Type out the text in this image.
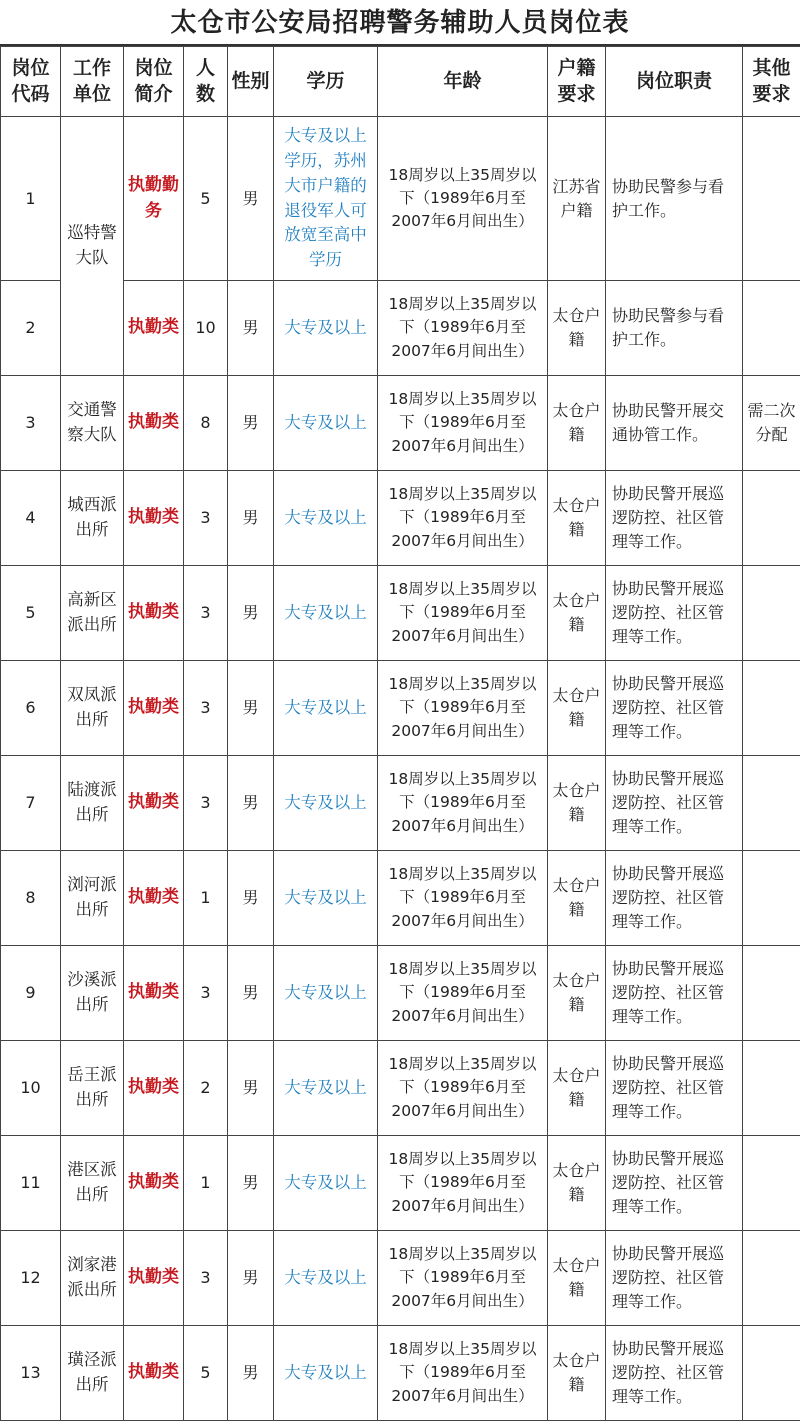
太仓市公安局招聘警务辅助人员岗位表
岗位代码	工作单位	岗位简介	人数	性别	学历	年龄	户籍要求	岗位职责	其他要求
1	巡特警大队	执勤勤务	5	男	大专及以上学历，苏州大市户籍的退役军人可放宽至高中学历	18周岁以上35周岁以下（1989年6月至2007年6月间出生）	江苏省户籍	协助民警参与看护工作。	
2		执勤类	10	男	大专及以上	18周岁以上35周岁以下（1989年6月至2007年6月间出生）	太仓户籍	协助民警参与看护工作。	
3	交通警察大队	执勤类	8	男	大专及以上	18周岁以上35周岁以下（1989年6月至2007年6月间出生）	太仓户籍	协助民警开展交通协管工作。	需二次分配
4	城西派出所	执勤类	3	男	大专及以上	18周岁以上35周岁以下（1989年6月至2007年6月间出生）	太仓户籍	协助民警开展巡逻防控、社区管理等工作。	
5	高新区派出所	执勤类	3	男	大专及以上	18周岁以上35周岁以下（1989年6月至2007年6月间出生）	太仓户籍	协助民警开展巡逻防控、社区管理等工作。	
6	双凤派出所	执勤类	3	男	大专及以上	18周岁以上35周岁以下（1989年6月至2007年6月间出生）	太仓户籍	协助民警开展巡逻防控、社区管理等工作。	
7	陆渡派出所	执勤类	3	男	大专及以上	18周岁以上35周岁以下（1989年6月至2007年6月间出生）	太仓户籍	协助民警开展巡逻防控、社区管理等工作。	
8	浏河派出所	执勤类	1	男	大专及以上	18周岁以上35周岁以下（1989年6月至2007年6月间出生）	太仓户籍	协助民警开展巡逻防控、社区管理等工作。	
9	沙溪派出所	执勤类	3	男	大专及以上	18周岁以上35周岁以下（1989年6月至2007年6月间出生）	太仓户籍	协助民警开展巡逻防控、社区管理等工作。	
10	岳王派出所	执勤类	2	男	大专及以上	18周岁以上35周岁以下（1989年6月至2007年6月间出生）	太仓户籍	协助民警开展巡逻防控、社区管理等工作。	
11	港区派出所	执勤类	1	男	大专及以上	18周岁以上35周岁以下（1989年6月至2007年6月间出生）	太仓户籍	协助民警开展巡逻防控、社区管理等工作。	
12	浏家港派出所	执勤类	3	男	大专及以上	18周岁以上35周岁以下（1989年6月至2007年6月间出生）	太仓户籍	协助民警开展巡逻防控、社区管理等工作。	
13	璜泾派出所	执勤类	5	男	大专及以上	18周岁以上35周岁以下（1989年6月至2007年6月间出生）	太仓户籍	协助民警开展巡逻防控、社区管理等工作。	
